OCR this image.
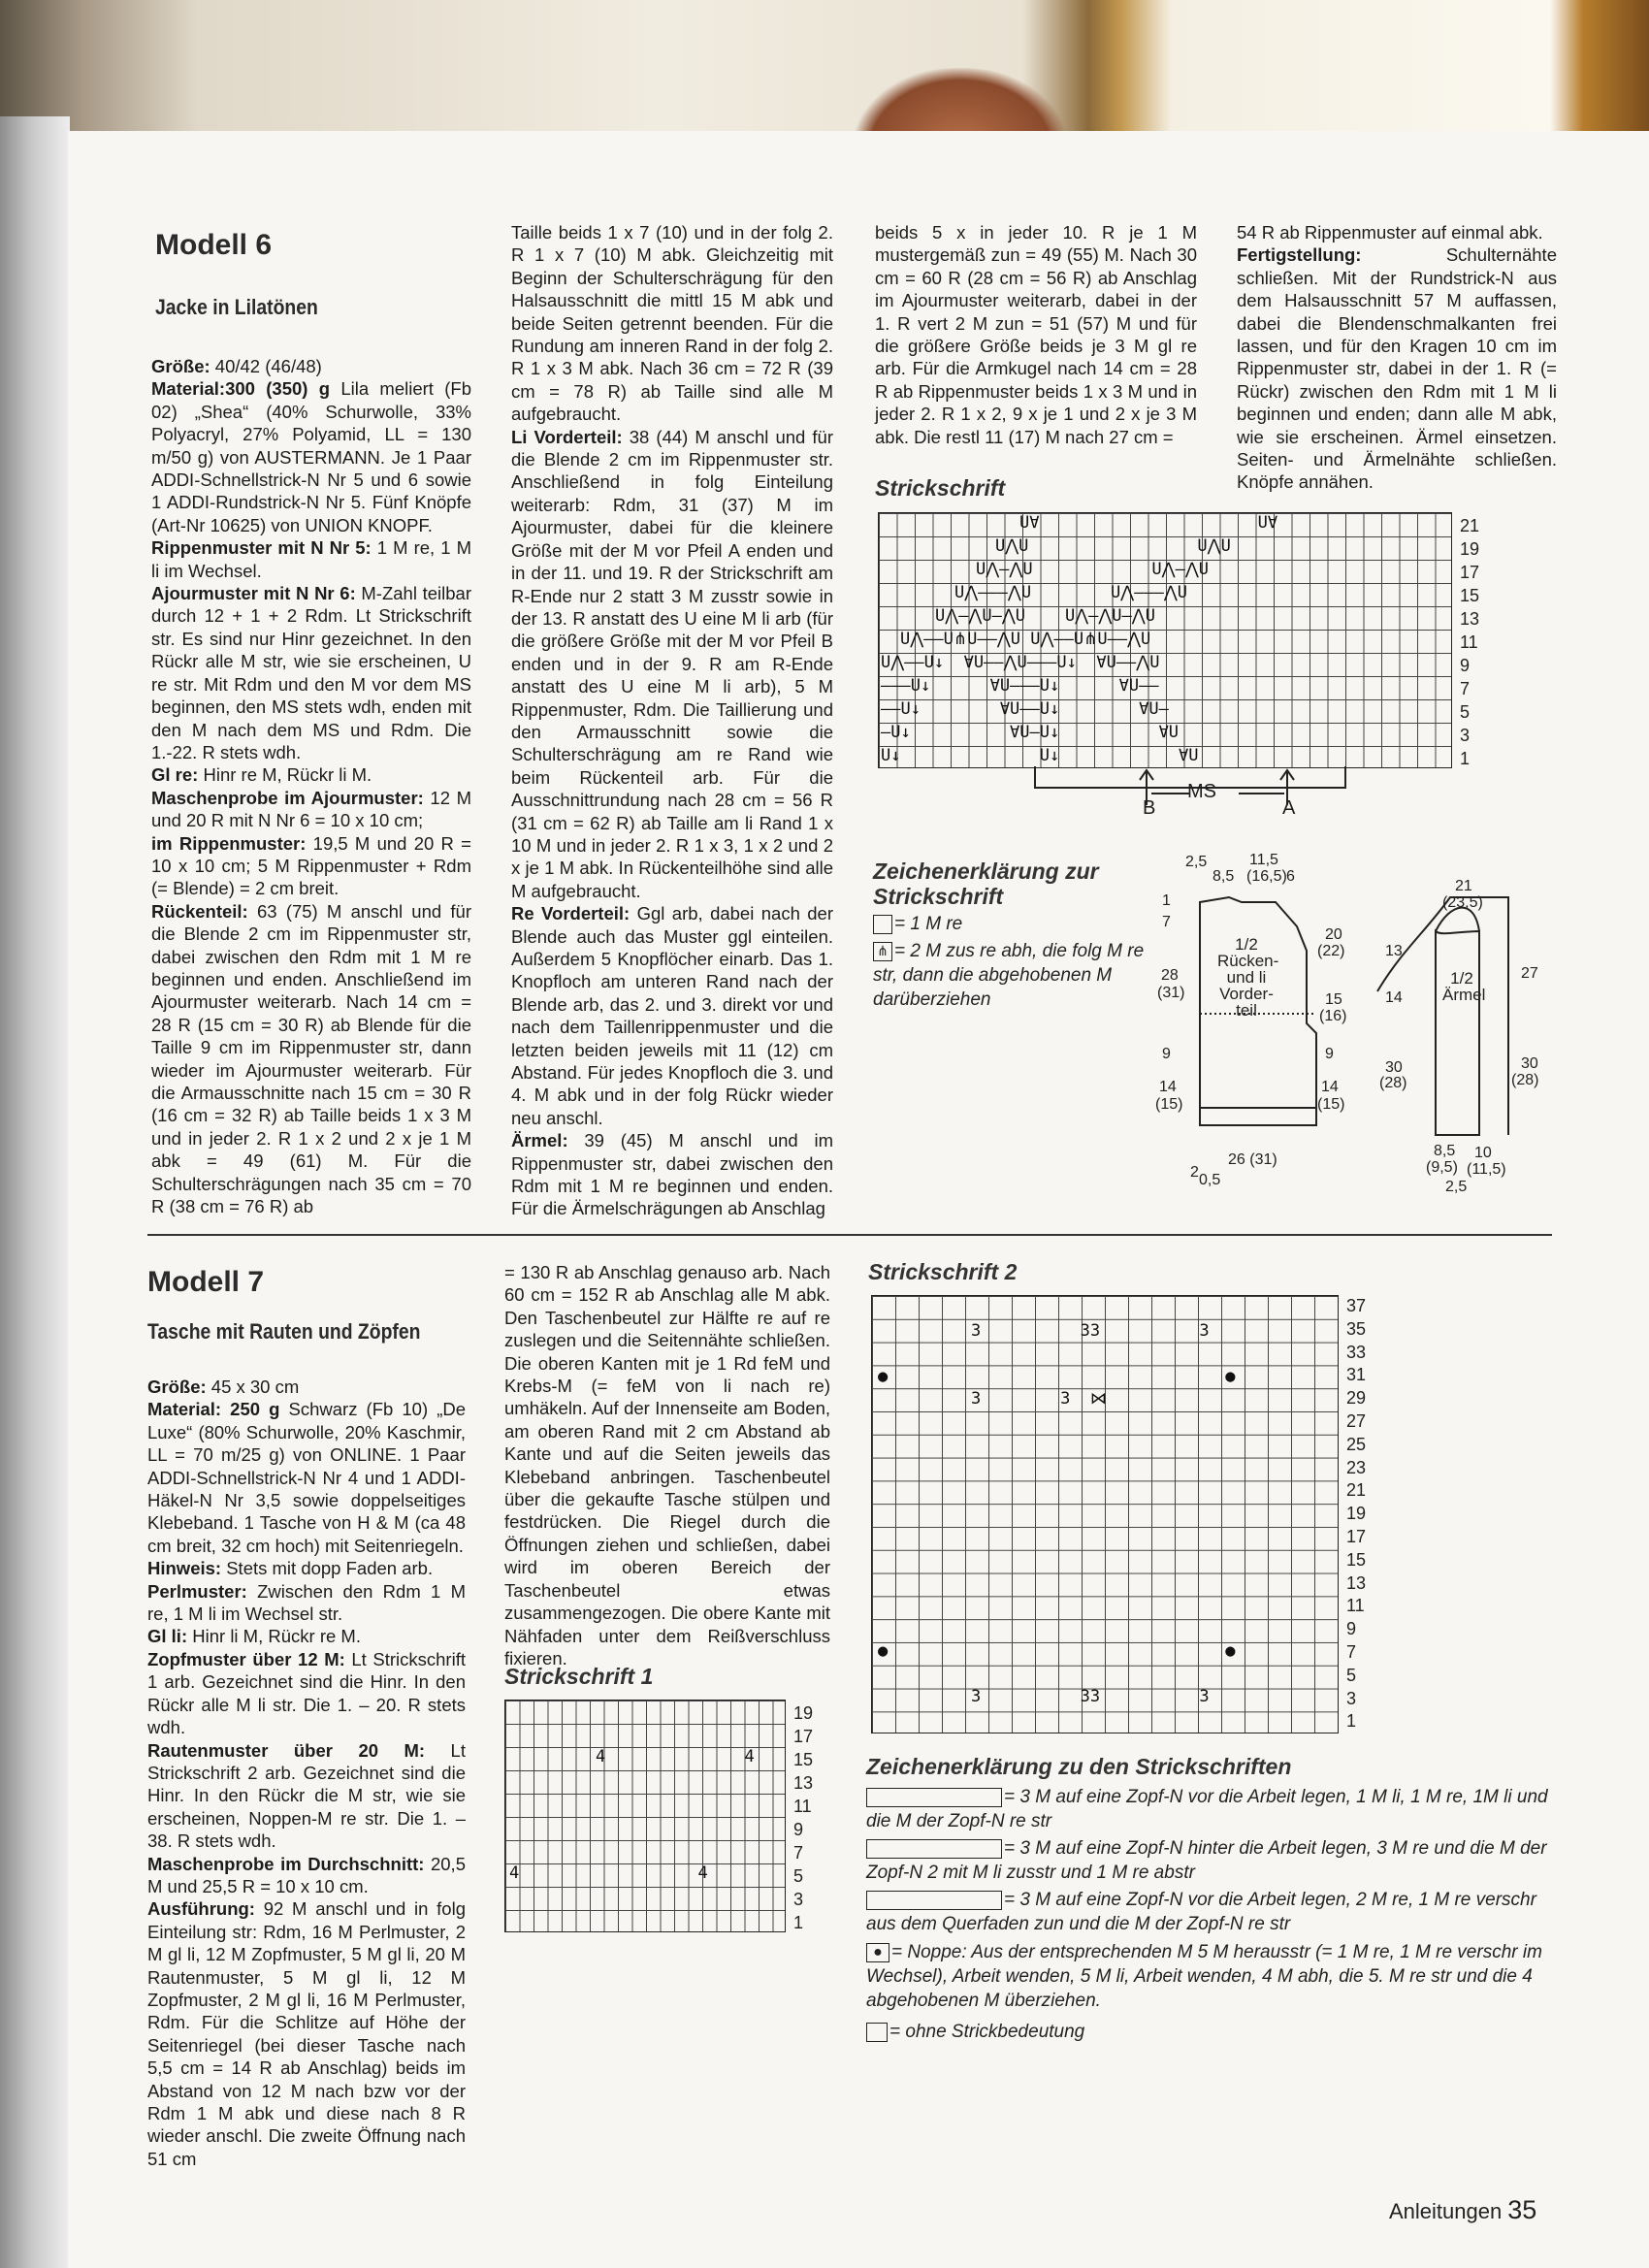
Modell 6
Jacke in Lilatönen

Größe: 40/42 (46/48)

Material:300 (350) g Lila meliert (Fb 02) „Shea“ (40% Schurwolle, 33% Polyacryl, 27% Polyamid, LL = 130 m/50 g) von AUSTERMANN. Je 1 Paar ADDI-Schnellstrick-N Nr 5 und 6 sowie 1 ADDI-Rundstrick-N Nr 5. Fünf Knöpfe (Art-Nr 10625) von UNION KNOPF.

Rippenmuster mit N Nr 5: 1 M re, 1 M li im Wechsel.

Ajourmuster mit N Nr 6: M-Zahl teilbar durch 12 + 1 + 2 Rdm. Lt Strickschrift str. Es sind nur Hinr gezeichnet. In den Rückr alle M str, wie sie erscheinen, U re str. Mit Rdm und den M vor dem MS beginnen, den MS stets wdh, enden mit den M nach dem MS und Rdm. Die 1.-22. R stets wdh.

Gl re: Hinr re M, Rückr li M.

Maschenprobe im Ajourmuster: 12 M und 20 R mit N Nr 6 = 10 x 10 cm;

im Rippenmuster: 19,5 M und 20 R = 10 x 10 cm; 5 M Rippenmuster + Rdm (= Blende) = 2 cm breit.

Rückenteil: 63 (75) M anschl und für die Blende 2 cm im Rippenmuster str, dabei zwischen den Rdm mit 1 M re beginnen und enden. Anschließend im Ajourmuster weiterarb. Nach 14 cm = 28 R (15 cm = 30 R) ab Blende für die Taille 9 cm im Rippenmuster str, dann wieder im Ajourmuster weiterarb. Für die Armausschnitte nach 15 cm = 30 R (16 cm = 32 R) ab Taille beids 1 x 3 M und in jeder 2. R 1 x 2 und 2 x je 1 M abk = 49 (61) M. Für die Schulterschrägungen nach 35 cm = 70 R (38 cm = 76 R) ab

Taille beids 1 x 7 (10) und in der folg 2. R 1 x 7 (10) M abk. Gleichzeitig mit Beginn der Schulterschrägung für den Halsausschnitt die mittl 15 M abk und beide Seiten getrennt beenden. Für die Rundung am inneren Rand in der folg 2. R 1 x 3 M abk. Nach 36 cm = 72 R (39 cm = 78 R) ab Taille sind alle M aufgebraucht.

Li Vorderteil: 38 (44) M anschl und für die Blende 2 cm im Rippenmuster str. Anschließend in folg Einteilung weiterarb: Rdm, 31 (37) M im Ajourmuster, dabei für die kleinere Größe mit der M vor Pfeil A enden und in der 11. und 19. R der Strickschrift am R-Ende nur 2 statt 3 M zusstr sowie in der 13. R anstatt des U eine M li arb (für die größere Größe mit der M vor Pfeil B enden und in der 9. R am R-Ende anstatt des U eine M li arb), 5 M Rippenmuster, Rdm. Die Taillierung und den Armausschnitt sowie die Schulterschrägung am re Rand wie beim Rückenteil arb. Für die Ausschnittrundung nach 28 cm = 56 R (31 cm = 62 R) ab Taille am li Rand 1 x 10 M und in jeder 2. R 1 x 3, 1 x 2 und 2 x je 1 M abk. In Rückenteilhöhe sind alle M aufgebraucht.

Re Vorderteil: Ggl arb, dabei nach der Blende auch das Muster ggl einteilen. Außerdem 5 Knopflöcher einarb. Das 1. Knopfloch am unteren Rand nach der Blende arb, das 2. und 3. direkt vor und nach dem Taillenrippenmuster und die letzten beiden jeweils mit 11 (12) cm Abstand. Für jedes Knopfloch die 3. und 4. M abk und in der folg Rückr wieder neu anschl.

Ärmel: 39 (45) M anschl und im Rippenmuster str, dabei zwischen den Rdm mit 1 M re beginnen und enden. Für die Ärmelschrägungen ab Anschlag

beids 5 x in jeder 10. R je 1 M mustergemäß zun = 49 (55) M. Nach 30 cm = 60 R (28 cm = 56 R) ab Anschlag im Ajourmuster weiterarb, dabei in der 1. R vert 2 M zun = 51 (57) M und für die größere Größe beids je 3 M gl re arb. Für die Armkugel nach 14 cm = 28 R ab Rippenmuster beids 1 x 3 M und in jeder 2. R 1 x 2, 9 x je 1 und 2 x je 3 M abk. Die restl 11 (17) M nach 27 cm =

54 R ab Rippenmuster auf einmal abk.

Fertigstellung: Schulternähte schließen. Mit der Rundstrick-N aus dem Halsausschnitt 57 M auffassen, dabei die Blendenschmalkanten frei lassen, und für den Kragen 10 cm im Rippenmuster str, dabei in der 1. R (= Rückr) zwischen den Rdm mit 1 M li beginnen und enden; dann alle M abk, wie sie erscheinen. Ärmel einsetzen. Seiten- und Ärmelnähte schließen. Knöpfe annähen.

Strickschrift
U∀                      U∀
U⋀U                 U⋀U
U⋀–⋀U            U⋀–⋀U
U⋀–––⋀U        U⋀–––⋀U
U⋀–⋀U–⋀U    U⋀–⋀U–⋀U
U⋀––U⋔U––⋀U U⋀––U⋔U––⋀U
U⋀––U↓  ∀U––⋀U–––U↓  ∀U––⋀U
–––U↓      ∀U–––U↓      ∀U––
––U↓        ∀U––U↓        ∀U–
–U↓          ∀U–U↓          ∀U
U↓              U↓            ∀U
21
19
17
15
13
11
9
7
5
3
1
MS
B	A
Zeichenerklärung zur Strickschrift
= 1 M re
⋔ = 2 M zus re abh, die folg M re str, dann die abgehobenen M darüberziehen
2,5
8,5
11,5
(16,5) 6
1/2 Rücken- und li Vorder- teil
28
(31)
9
14
(15)
1
7
20
(22)
15
(16)
9
14
(15)
26 (31)
2 0,5
1/2 Ärmel
21
(23,5)
13
14
30
(28)
27
30
(28)
8,5
(9,5)
10
(11,5)
2,5
Modell 7
Tasche mit Rauten und Zöpfen

Größe: 45 x 30 cm

Material: 250 g Schwarz (Fb 10) „De Luxe“ (80% Schurwolle, 20% Kaschmir, LL = 70 m/25 g) von ONLINE. 1 Paar ADDI-Schnellstrick-N Nr 4 und 1 ADDI-Häkel-N Nr 3,5 sowie doppelseitiges Klebeband. 1 Tasche von H & M (ca 48 cm breit, 32 cm hoch) mit Seitenriegeln.

Hinweis: Stets mit dopp Faden arb.

Perlmuster: Zwischen den Rdm 1 M re, 1 M li im Wechsel str.

Gl li: Hinr li M, Rückr re M.

Zopfmuster über 12 M: Lt Strickschrift 1 arb. Gezeichnet sind die Hinr. In den Rückr alle M li str. Die 1. – 20. R stets wdh.

Rautenmuster über 20 M: Lt Strickschrift 2 arb. Gezeichnet sind die Hinr. In den Rückr die M str, wie sie erscheinen, Noppen-M re str. Die 1. – 38. R stets wdh.

Maschenprobe im Durchschnitt: 20,5 M und 25,5 R = 10 x 10 cm.

Ausführung: 92 M anschl und in folg Einteilung str: Rdm, 16 M Perlmuster, 2 M gl li, 12 M Zopfmuster, 5 M gl li, 20 M Rautenmuster, 5 M gl li, 12 M Zopfmuster, 2 M gl li, 16 M Perlmuster, Rdm. Für die Schlitze auf Höhe der Seitenriegel (bei dieser Tasche nach 5,5 cm = 14 R ab Anschlag) beids im Abstand von 12 M nach bzw vor der Rdm 1 M abk und diese nach 8 R wieder anschl. Die zweite Öffnung nach 51 cm

= 130 R ab Anschlag genauso arb. Nach 60 cm = 152 R ab Anschlag alle M abk. Den Taschenbeutel zur Hälfte re auf re zuslegen und die Seitennähte schließen. Die oberen Kanten mit je 1 Rd feM und Krebs-M (= feM von li nach re) umhäkeln. Auf der Innenseite am Boden, am oberen Rand mit 2 cm Abstand ab Kante und auf die Seiten jeweils das Klebeband anbringen. Taschenbeutel über die gekaufte Tasche stülpen und festdrücken. Die Riegel durch die Öffnungen ziehen und schließen, dabei wird im oberen Bereich der Taschenbeutel etwas zusammengezogen. Die obere Kante mit Nähfaden unter dem Reißverschluss fixieren.

Strickschrift 1
4              4
4                  4
19
17
15
13
11
9
7
5
3
1
Strickschrift 2
3          33          3
●                                  ●
3        3  ⋈
●                                  ●
3          33          3
37
35
33
31
29
27
25
23
21
19
17
15
13
11
9
7
5
3
1
Zeichenerklärung zu den Strickschriften
= 3 M auf eine Zopf-N vor die Arbeit legen, 1 M li, 1 M re, 1M li und die M der Zopf-N re str
= 3 M auf eine Zopf-N hinter die Arbeit legen, 3 M re und die M der Zopf-N 2 mit M li zusstr und 1 M re abstr
= 3 M auf eine Zopf-N vor die Arbeit legen, 2 M re, 1 M re verschr aus dem Querfaden zun und die M der Zopf-N re str
● = Noppe: Aus der entsprechenden M 5 M herausstr (= 1 M re, 1 M re verschr im Wechsel), Arbeit wenden, 5 M li, Arbeit wenden, 4 M abh, die 5. M re str und die 4 abgehobenen M überziehen.
= ohne Strickbedeutung
Anleitungen 35
